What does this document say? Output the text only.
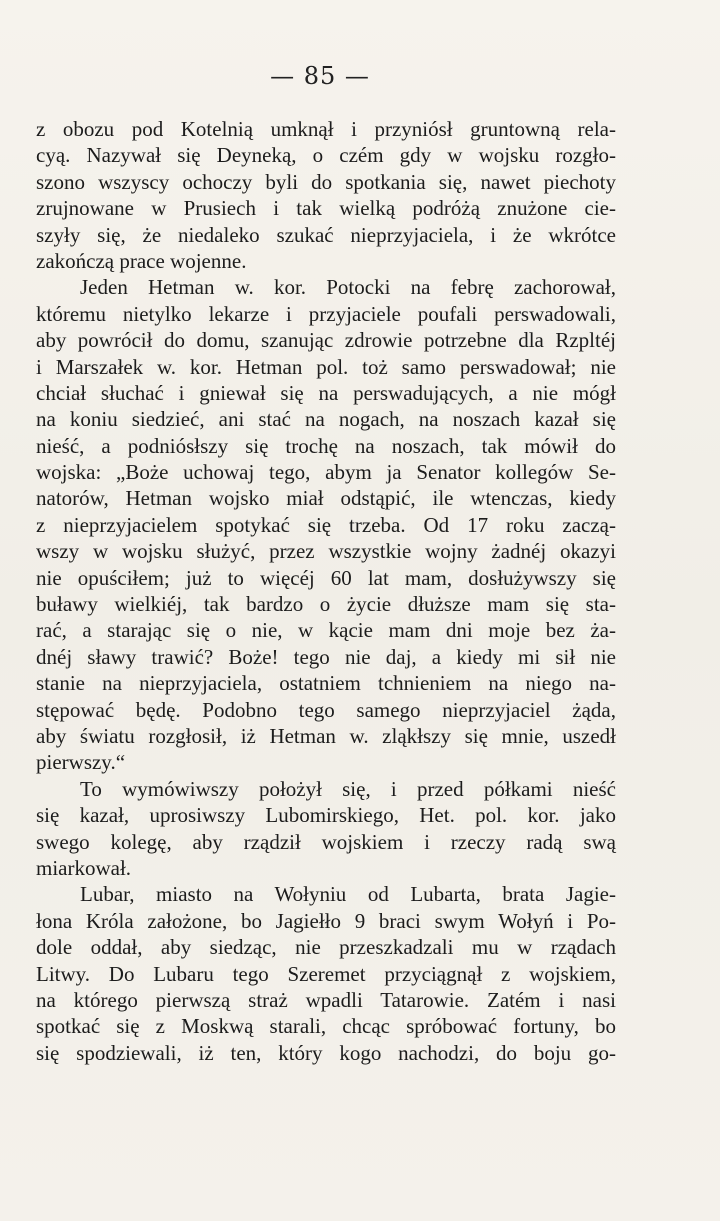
— 85 —
z obozu pod Kotelnią umknął i przyniósł gruntowną rela-
cyą. Nazywał się Deyneką, o czém gdy w wojsku rozgło-
szono wszyscy ochoczy byli do spotkania się, nawet piechoty
zrujnowane w Prusiech i tak wielką podróżą znużone cie-
szyły się, że niedaleko szukać nieprzyjaciela, i że wkrótce
zakończą prace wojenne.
Jeden Hetman w. kor. Potocki na febrę zachorował,
któremu nietylko lekarze i przyjaciele poufali perswadowali,
aby powrócił do domu, szanując zdrowie potrzebne dla Rzpltéj
i Marszałek w. kor. Hetman pol. toż samo perswadował; nie
chciał słuchać i gniewał się na perswadujących, a nie mógł
na koniu siedzieć, ani stać na nogach, na noszach kazał się
nieść, a podniósłszy się trochę na noszach, tak mówił do
wojska: „Boże uchowaj tego, abym ja Senator kollegów Se-
natorów, Hetman wojsko miał odstąpić, ile wtenczas, kiedy
z nieprzyjacielem spotykać się trzeba. Od 17 roku zaczą-
wszy w wojsku służyć, przez wszystkie wojny żadnéj okazyi
nie opuściłem; już to więcéj 60 lat mam, dosłużywszy się
buławy wielkiéj, tak bardzo o życie dłuższe mam się sta-
rać, a starając się o nie, w kącie mam dni moje bez ża-
dnéj sławy trawić? Boże! tego nie daj, a kiedy mi sił nie
stanie na nieprzyjaciela, ostatniem tchnieniem na niego na-
stępować będę. Podobno tego samego nieprzyjaciel żąda,
aby światu rozgłosił, iż Hetman w. zląkłszy się mnie, uszedł
pierwszy.“
To wymówiwszy położył się, i przed półkami nieść
się kazał, uprosiwszy Lubomirskiego, Het. pol. kor. jako
swego kolegę, aby rządził wojskiem i rzeczy radą swą
miarkował.
Lubar, miasto na Wołyniu od Lubarta, brata Jagie-
łona Króla założone, bo Jagiełło 9 braci swym Wołyń i Po-
dole oddał, aby siedząc, nie przeszkadzali mu w rządach
Litwy. Do Lubaru tego Szeremet przyciągnął z wojskiem,
na którego pierwszą straż wpadli Tatarowie. Zatém i nasi
spotkać się z Moskwą starali, chcąc spróbować fortuny, bo
się spodziewali, iż ten, który kogo nachodzi, do boju go-
